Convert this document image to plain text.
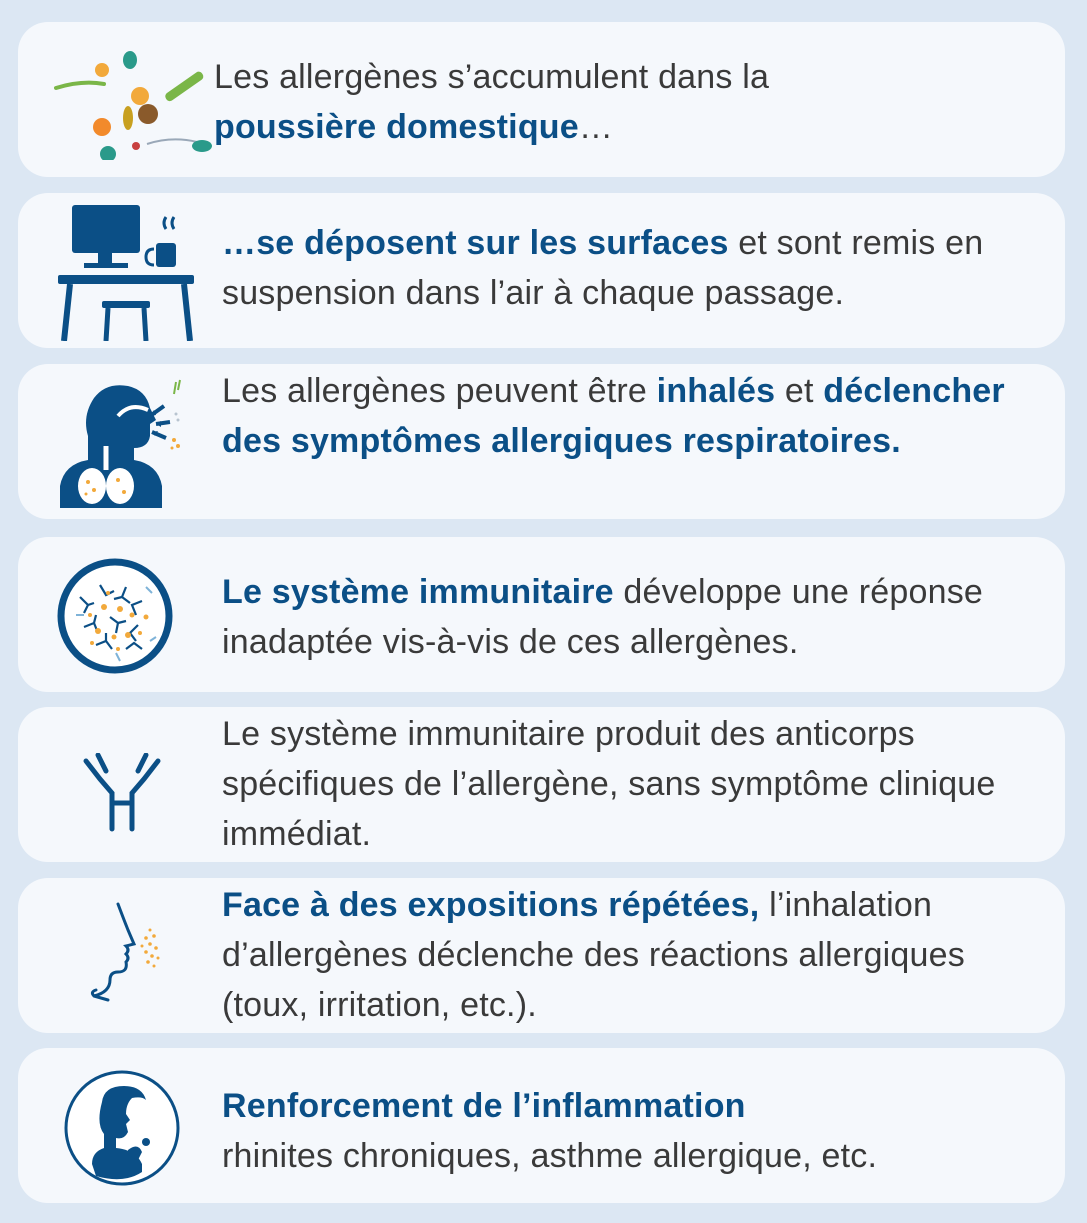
Les allergènes s’accumulent dans la
poussière domestique…
…se déposent sur les surfaces et sont remis en suspension dans l’air à chaque passage.
Les allergènes peuvent être inhalés et déclencher des symptômes allergiques respiratoires.
Le système immunitaire développe une réponse inadaptée vis-à-vis de ces allergènes.
Le système immunitaire produit des anticorps spécifiques de l’allergène, sans symptôme clinique immédiat.
Face à des expositions répétées, l’inhalation d’allergènes déclenche des réactions allergiques (toux, irritation, etc.).
Renforcement de l’inflammation
rhinites chroniques, asthme allergique, etc.
